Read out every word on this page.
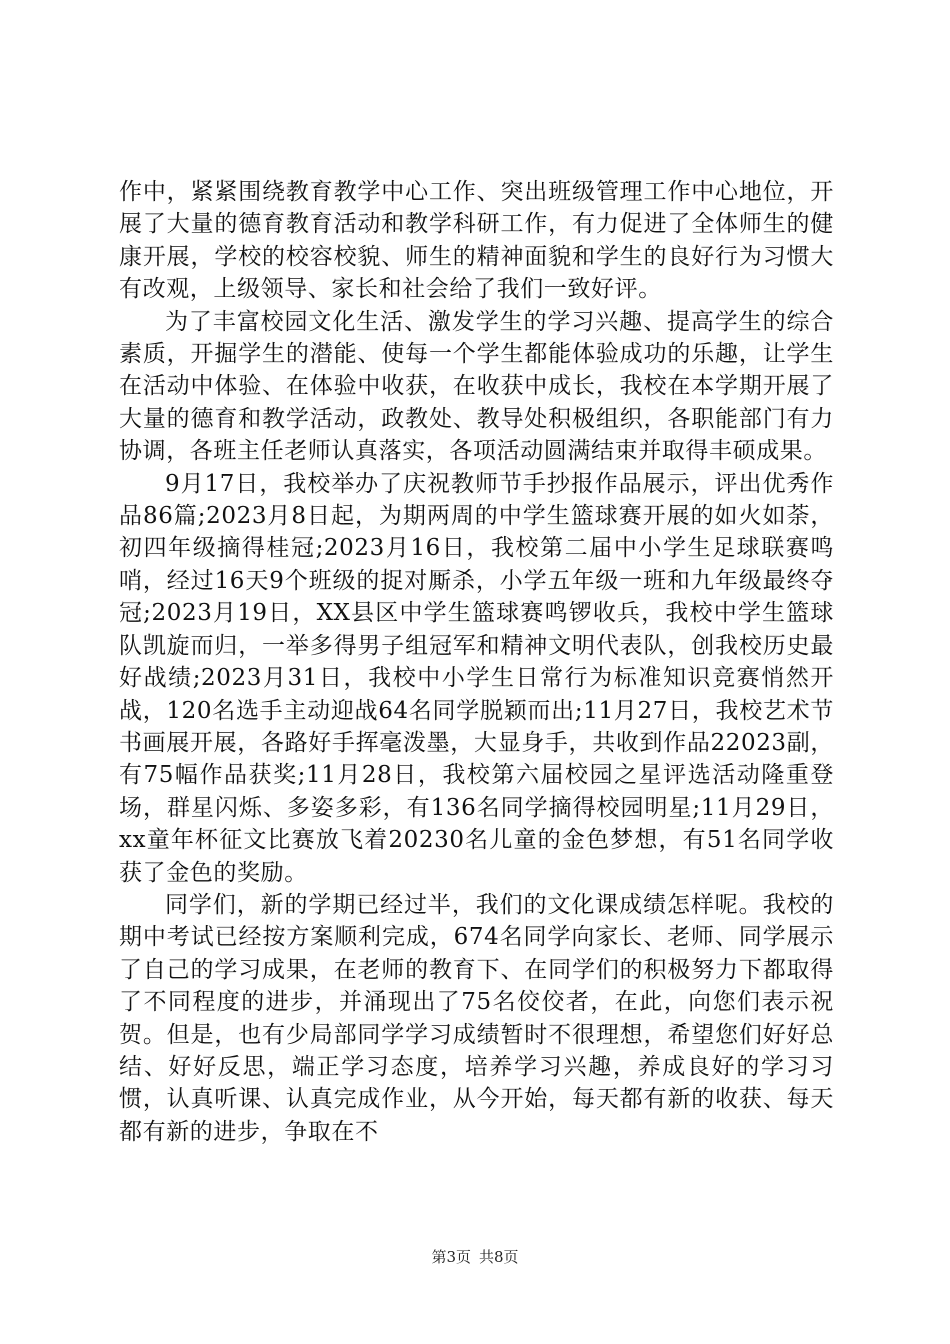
作中，紧紧围绕教育教学中心工作、突出班级管理工作中心地位，开展了大量的德育教育活动和教学科研工作，有力促进了全体师生的健康开展，学校的校容校貌、师生的精神面貌和学生的良好行为习惯大有改观，上级领导、家长和社会给了我们一致好评。

为了丰富校园文化生活、激发学生的学习兴趣、提高学生的综合素质，开掘学生的潜能、使每一个学生都能体验成功的乐趣，让学生在活动中体验、在体验中收获，在收获中成长，我校在本学期开展了大量的德育和教学活动，政教处、教导处积极组织，各职能部门有力协调，各班主任老师认真落实，各项活动圆满结束并取得丰硕成果。

9月17日，我校举办了庆祝教师节手抄报作品展示，评出优秀作品86篇;2023月8日起，为期两周的中学生篮球赛开展的如火如荼，初四年级摘得桂冠;2023月16日，我校第二届中小学生足球联赛鸣哨，经过16天9个班级的捉对厮杀，小学五年级一班和九年级最终夺冠;2023月19日，XX县区中学生篮球赛鸣锣收兵，我校中学生篮球队凯旋而归，一举多得男子组冠军和精神文明代表队，创我校历史最好战绩;2023月31日，我校中小学生日常行为标准知识竞赛悄然开战，120名选手主动迎战64名同学脱颖而出;11月27日，我校艺术节书画展开展，各路好手挥毫泼墨，大显身手，共收到作品22023副，有75幅作品获奖;11月28日，我校第六届校园之星评选活动隆重登场，群星闪烁、多姿多彩，有136名同学摘得校园明星;11月29日，xx童年杯征文比赛放飞着20230名儿童的金色梦想，有51名同学收获了金色的奖励。

同学们，新的学期已经过半，我们的文化课成绩怎样呢。我校的期中考试已经按方案顺利完成，674名同学向家长、老师、同学展示了自己的学习成果，在老师的教育下、在同学们的积极努力下都取得了不同程度的进步，并涌现出了75名佼佼者，在此，向您们表示祝贺。但是，也有少局部同学学习成绩暂时不很理想，希望您们好好总结、好好反思，端正学习态度，培养学习兴趣，养成良好的学习习惯，认真听课、认真完成作业，从今开始，每天都有新的收获、每天都有新的进步，争取在不

第3页 共8页
